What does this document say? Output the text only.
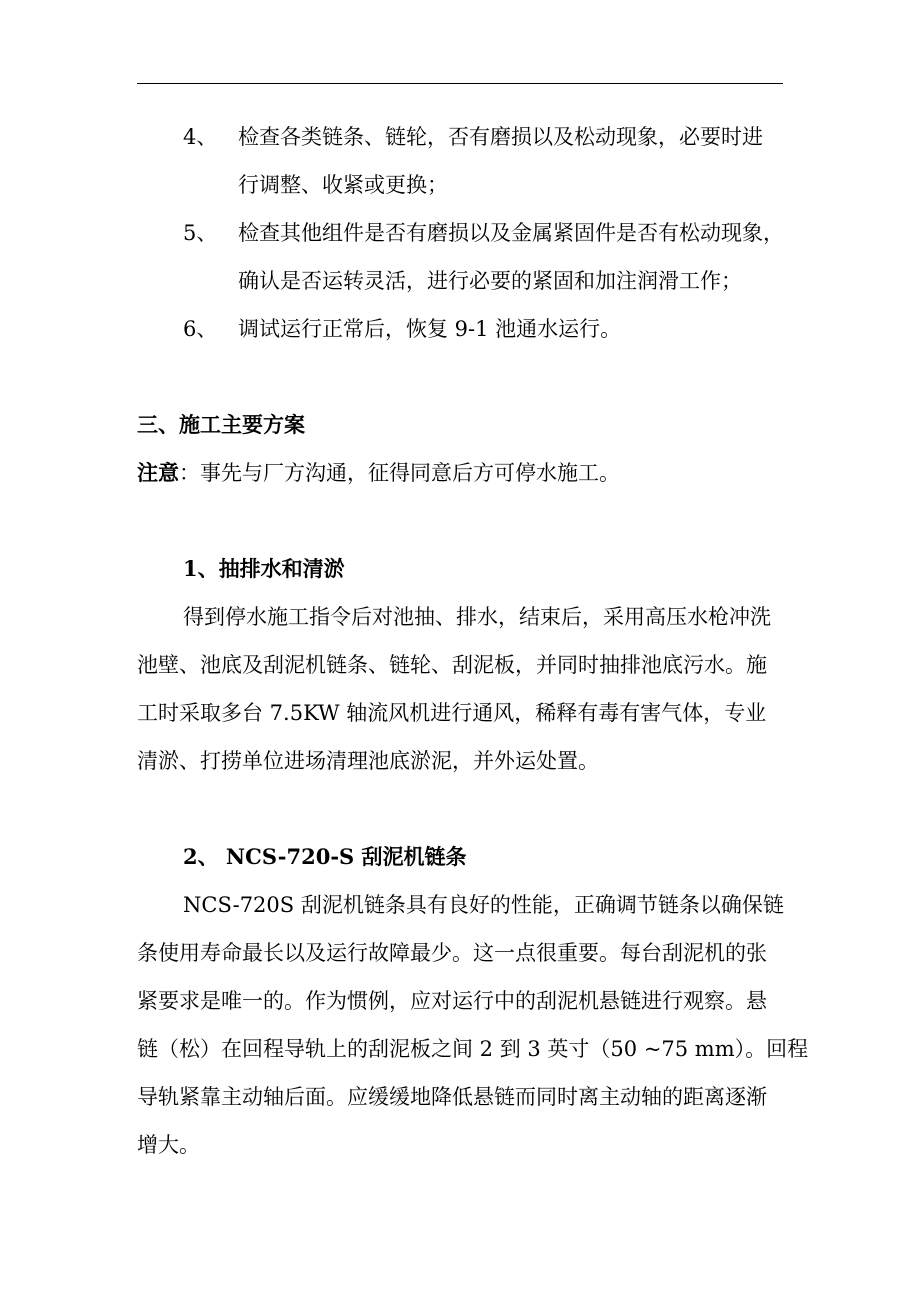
4、 检查各类链条、链轮，否有磨损以及松动现象，必要时进
行调整、收紧或更换；
5、 检查其他组件是否有磨损以及金属紧固件是否有松动现象，
确认是否运转灵活，进行必要的紧固和加注润滑工作；
6、 调试运行正常后，恢复 9-1 池通水运行。
三、施工主要方案
注意：事先与厂方沟通，征得同意后方可停水施工。
1、抽排水和清淤
得到停水施工指令后对池抽、排水，结束后，采用高压水枪冲洗
池壁、池底及刮泥机链条、链轮、刮泥板，并同时抽排池底污水。施
工时采取多台 7.5KW 轴流风机进行通风，稀释有毒有害气体，专业
清淤、打捞单位进场清理池底淤泥，并外运处置。
2、 NCS-720-S 刮泥机链条
NCS-720S 刮泥机链条具有良好的性能，正确调节链条以确保链
条使用寿命最长以及运行故障最少。这一点很重要。每台刮泥机的张
紧要求是唯一的。作为惯例，应对运行中的刮泥机悬链进行观察。悬
链（松）在回程导轨上的刮泥板之间 2 到 3 英寸（50 ~75 mm）。回程
导轨紧靠主动轴后面。应缓缓地降低悬链而同时离主动轴的距离逐渐
增大。
